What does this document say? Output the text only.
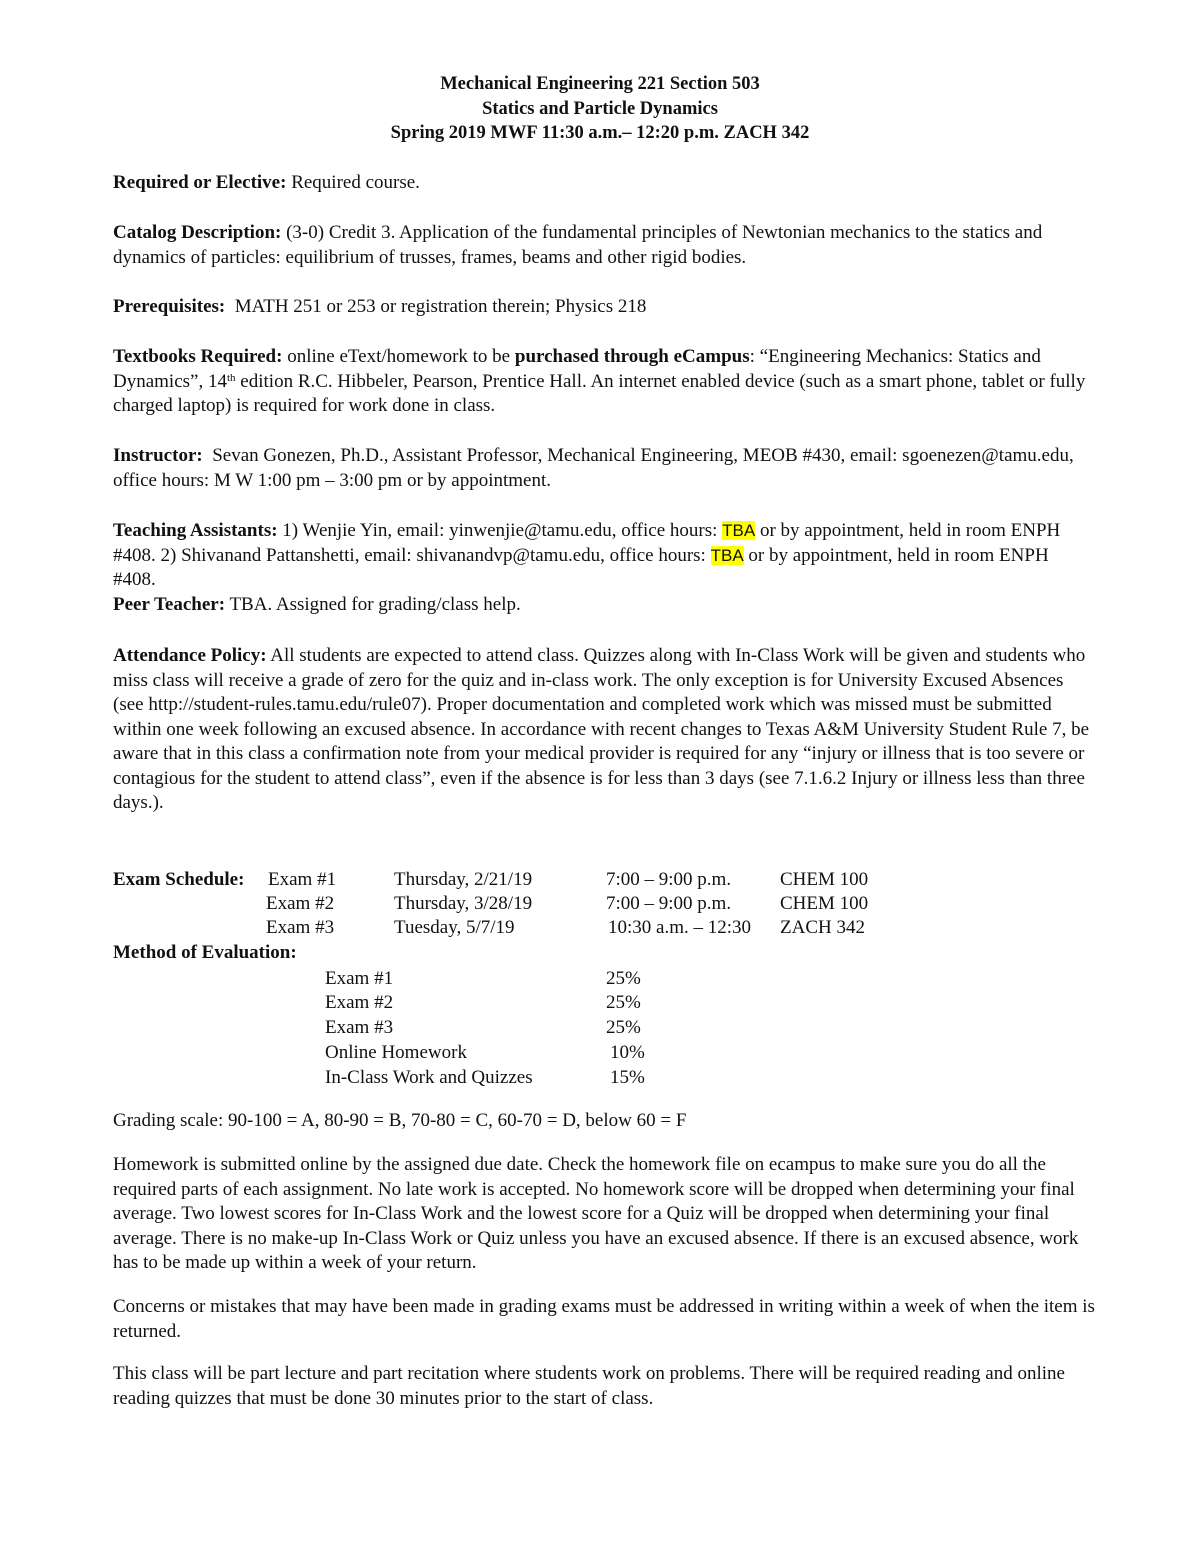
Mechanical Engineering 221 Section 503
Statics and Particle Dynamics
Spring 2019 MWF 11:30 a.m.– 12:20 p.m. ZACH 342

Required or Elective: Required course.

Catalog Description: (3-0) Credit 3. Application of the fundamental principles of Newtonian mechanics to the statics and dynamics of particles: equilibrium of trusses, frames, beams and other rigid bodies.

Prerequisites:  MATH 251 or 253 or registration therein; Physics 218

Textbooks Required: online eText/homework to be purchased through eCampus: “Engineering Mechanics: Statics and Dynamics”, 14th edition R.C. Hibbeler, Pearson, Prentice Hall. An internet enabled device (such as a smart phone, tablet or fully charged laptop) is required for work done in class.

Instructor:  Sevan Gonezen, Ph.D., Assistant Professor, Mechanical Engineering, MEOB #430, email: sgoenezen@tamu.edu, office hours: M W 1:00 pm – 3:00 pm or by appointment.

Teaching Assistants: 1) Wenjie Yin, email: yinwenjie@tamu.edu, office hours: TBA or by appointment, held in room ENPH #408. 2) Shivanand Pattanshetti, email: shivanandvp@tamu.edu, office hours: TBA or by appointment, held in room ENPH #408.
Peer Teacher: TBA. Assigned for grading/class help.

Attendance Policy: All students are expected to attend class. Quizzes along with In-Class Work will be given and students who miss class will receive a grade of zero for the quiz and in-class work. The only exception is for University Excused Absences (see http://student-rules.tamu.edu/rule07). Proper documentation and completed work which was missed must be submitted within one week following an excused absence. In accordance with recent changes to Texas A&M University Student Rule 7, be aware that in this class a confirmation note from your medical provider is required for any “injury or illness that is too severe or contagious for the student to attend class”, even if the absence is for less than 3 days (see 7.1.6.2 Injury or illness less than three days.).

Exam Schedule: Exam #1	Thursday, 2/21/19	7:00 – 9:00 p.m.	CHEM 100
Exam #2	Thursday, 3/28/19	7:00 – 9:00 p.m.	CHEM 100
Exam #3	Tuesday, 5/7/19	10:30 a.m. – 12:30 ZACH 342
Method of Evaluation:
Exam #1	25%
Exam #2	25%
Exam #3	25%
Online Homework	10%
In-Class Work and Quizzes	15%

Grading scale: 90-100 = A, 80-90 = B, 70-80 = C, 60-70 = D, below 60 = F

Homework is submitted online by the assigned due date. Check the homework file on ecampus to make sure you do all the required parts of each assignment. No late work is accepted. No homework score will be dropped when determining your final average. Two lowest scores for In-Class Work and the lowest score for a Quiz will be dropped when determining your final average. There is no make-up In-Class Work or Quiz unless you have an excused absence. If there is an excused absence, work has to be made up within a week of your return.

Concerns or mistakes that may have been made in grading exams must be addressed in writing within a week of when the item is returned.

This class will be part lecture and part recitation where students work on problems. There will be required reading and online reading quizzes that must be done 30 minutes prior to the start of class.
